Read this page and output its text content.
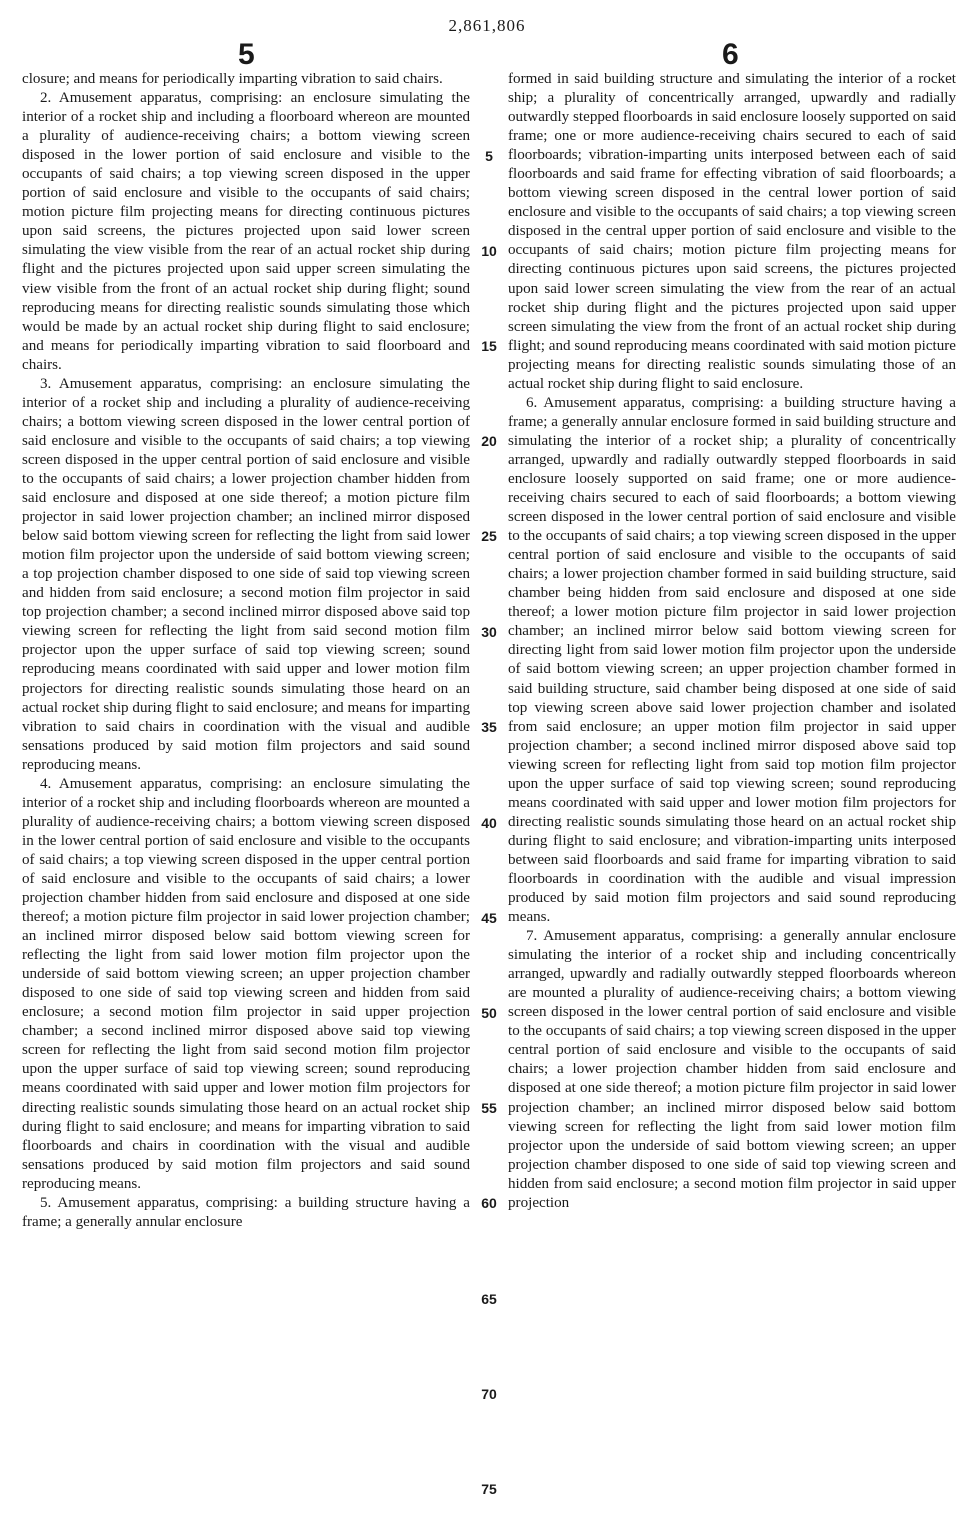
2,861,806
5	6

closure; and means for periodically imparting vibration to said chairs.

2. Amusement apparatus, comprising: an enclosure simulating the interior of a rocket ship and including a floorboard whereon are mounted a plurality of audience-receiving chairs; a bottom viewing screen disposed in the lower portion of said enclosure and visible to the occupants of said chairs; a top viewing screen disposed in the upper portion of said enclosure and visible to the occupants of said chairs; motion picture film projecting means for directing continuous pictures upon said screens, the pictures projected upon said lower screen simulating the view visible from the rear of an actual rocket ship during flight and the pictures projected upon said upper screen simulating the view visible from the front of an actual rocket ship during flight; sound reproducing means for directing realistic sounds simulating those which would be made by an actual rocket ship during flight to said enclosure; and means for periodically imparting vibration to said floorboard and chairs.

3. Amusement apparatus, comprising: an enclosure simulating the interior of a rocket ship and including a plurality of audience-receiving chairs; a bottom viewing screen disposed in the lower central portion of said enclosure and visible to the occupants of said chairs; a top viewing screen disposed in the upper central portion of said enclosure and visible to the occupants of said chairs; a lower projection chamber hidden from said enclosure and disposed at one side thereof; a motion picture film projector in said lower projection chamber; an inclined mirror disposed below said bottom viewing screen for reflecting the light from said lower motion film projector upon the underside of said bottom viewing screen; a top projection chamber disposed to one side of said top viewing screen and hidden from said enclosure; a second motion film projector in said top projection chamber; a second inclined mirror disposed above said top viewing screen for reflecting the light from said second motion film projector upon the upper surface of said top viewing screen; sound reproducing means coordinated with said upper and lower motion film projectors for directing realistic sounds simulating those heard on an actual rocket ship during flight to said enclosure; and means for imparting vibration to said chairs in coordination with the visual and audible sensations produced by said motion film projectors and said sound reproducing means.

4. Amusement apparatus, comprising: an enclosure simulating the interior of a rocket ship and including floorboards whereon are mounted a plurality of audience-receiving chairs; a bottom viewing screen disposed in the lower central portion of said enclosure and visible to the occupants of said chairs; a top viewing screen disposed in the upper central portion of said enclosure and visible to the occupants of said chairs; a lower projection chamber hidden from said enclosure and disposed at one side thereof; a motion picture film projector in said lower projection chamber; an inclined mirror disposed below said bottom viewing screen for reflecting the light from said lower motion film projector upon the underside of said bottom viewing screen; an upper projection chamber disposed to one side of said top viewing screen and hidden from said enclosure; a second motion film projector in said upper projection chamber; a second inclined mirror disposed above said top viewing screen for reflecting the light from said second motion film projector upon the upper surface of said top viewing screen; sound reproducing means coordinated with said upper and lower motion film projectors for directing realistic sounds simulating those heard on an actual rocket ship during flight to said enclosure; and means for imparting vibration to said floorboards and chairs in coordination with the visual and audible sensations produced by said motion film projectors and said sound reproducing means.

5. Amusement apparatus, comprising: a building structure having a frame; a generally annular enclosure

formed in said building structure and simulating the interior of a rocket ship; a plurality of concentrically arranged, upwardly and radially outwardly stepped floorboards in said enclosure loosely supported on said frame; one or more audience-receiving chairs secured to each of said floorboards; vibration-imparting units interposed between each of said floorboards and said frame for effecting vibration of said floorboards; a bottom viewing screen disposed in the central lower portion of said enclosure and visible to the occupants of said chairs; a top viewing screen disposed in the central upper portion of said enclosure and visible to the occupants of said chairs; motion picture film projecting means for directing continuous pictures upon said screens, the pictures projected upon said lower screen simulating the view from the rear of an actual rocket ship during flight and the pictures projected upon said upper screen simulating the view from the front of an actual rocket ship during flight; and sound reproducing means coordinated with said motion picture projecting means for directing realistic sounds simulating those of an actual rocket ship during flight to said enclosure.

6. Amusement apparatus, comprising: a building structure having a frame; a generally annular enclosure formed in said building structure and simulating the interior of a rocket ship; a plurality of concentrically arranged, upwardly and radially outwardly stepped floorboards in said enclosure loosely supported on said frame; one or more audience-receiving chairs secured to each of said floorboards; a bottom viewing screen disposed in the lower central portion of said enclosure and visible to the occupants of said chairs; a top viewing screen disposed in the upper central portion of said enclosure and visible to the occupants of said chairs; a lower projection chamber formed in said building structure, said chamber being hidden from said enclosure and disposed at one side thereof; a lower motion picture film projector in said lower projection chamber; an inclined mirror below said bottom viewing screen for directing light from said lower motion film projector upon the underside of said bottom viewing screen; an upper projection chamber formed in said building structure, said chamber being disposed at one side of said top viewing screen above said lower projection chamber and isolated from said enclosure; an upper motion film projector in said upper projection chamber; a second inclined mirror disposed above said top viewing screen for reflecting light from said top motion film projector upon the upper surface of said top viewing screen; sound reproducing means coordinated with said upper and lower motion film projectors for directing realistic sounds simulating those heard on an actual rocket ship during flight to said enclosure; and vibration-imparting units interposed between said floorboards and said frame for imparting vibration to said floorboards in coordination with the audible and visual impression produced by said motion film projectors and said sound reproducing means.

7. Amusement apparatus, comprising: a generally annular enclosure simulating the interior of a rocket ship and including concentrically arranged, upwardly and radially outwardly stepped floorboards whereon are mounted a plurality of audience-receiving chairs; a bottom viewing screen disposed in the lower central portion of said enclosure and visible to the occupants of said chairs; a top viewing screen disposed in the upper central portion of said enclosure and visible to the occupants of said chairs; a lower projection chamber hidden from said enclosure and disposed at one side thereof; a motion picture film projector in said lower projection chamber; an inclined mirror disposed below said bottom viewing screen for reflecting the light from said lower motion film projector upon the underside of said bottom viewing screen; an upper projection chamber disposed to one side of said top viewing screen and hidden from said enclosure; a second motion film projector in said upper projection

5
10
15
20
25
30
35
40
45
50
55
60
65
70
75
